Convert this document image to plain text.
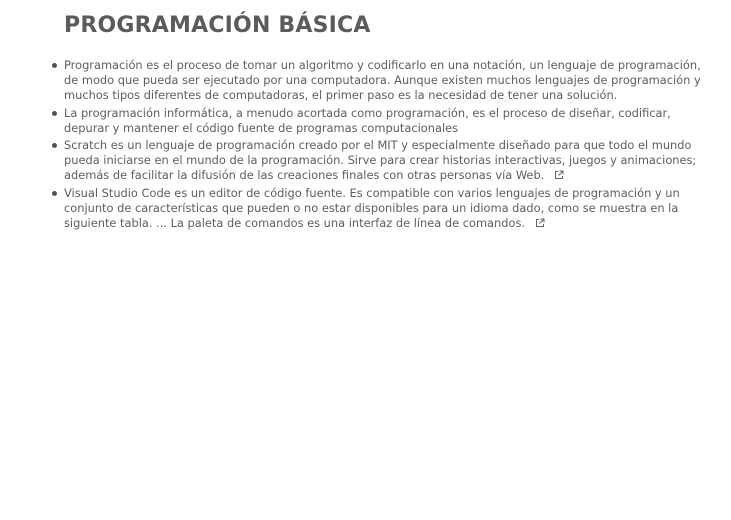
PROGRAMACIÓN BÁSICA
Programación es el proceso de tomar un algoritmo y codificarlo en una notación, un lenguaje de programación, de modo que pueda ser ejecutado por una computadora. Aunque existen muchos lenguajes de programación y muchos tipos diferentes de computadoras, el primer paso es la necesidad de tener una solución.
La programación informática, a menudo acortada como programación, es el proceso de diseñar, codificar, depurar y mantener el código fuente de programas computacionales
Scratch es un lenguaje de programación creado por el MIT y especialmente diseñado para que todo el mundo pueda iniciarse en el mundo de la programación. Sirve para crear historias interactivas, juegos y animaciones; además de facilitar la difusión de las creaciones finales con otras personas vía Web.
Visual Studio Code es un editor de código fuente. Es compatible con varios lenguajes de programación y un conjunto de características que pueden o no estar disponibles para un idioma dado, como se muestra en la siguiente tabla. ... La paleta de comandos es una interfaz de línea de comandos.
